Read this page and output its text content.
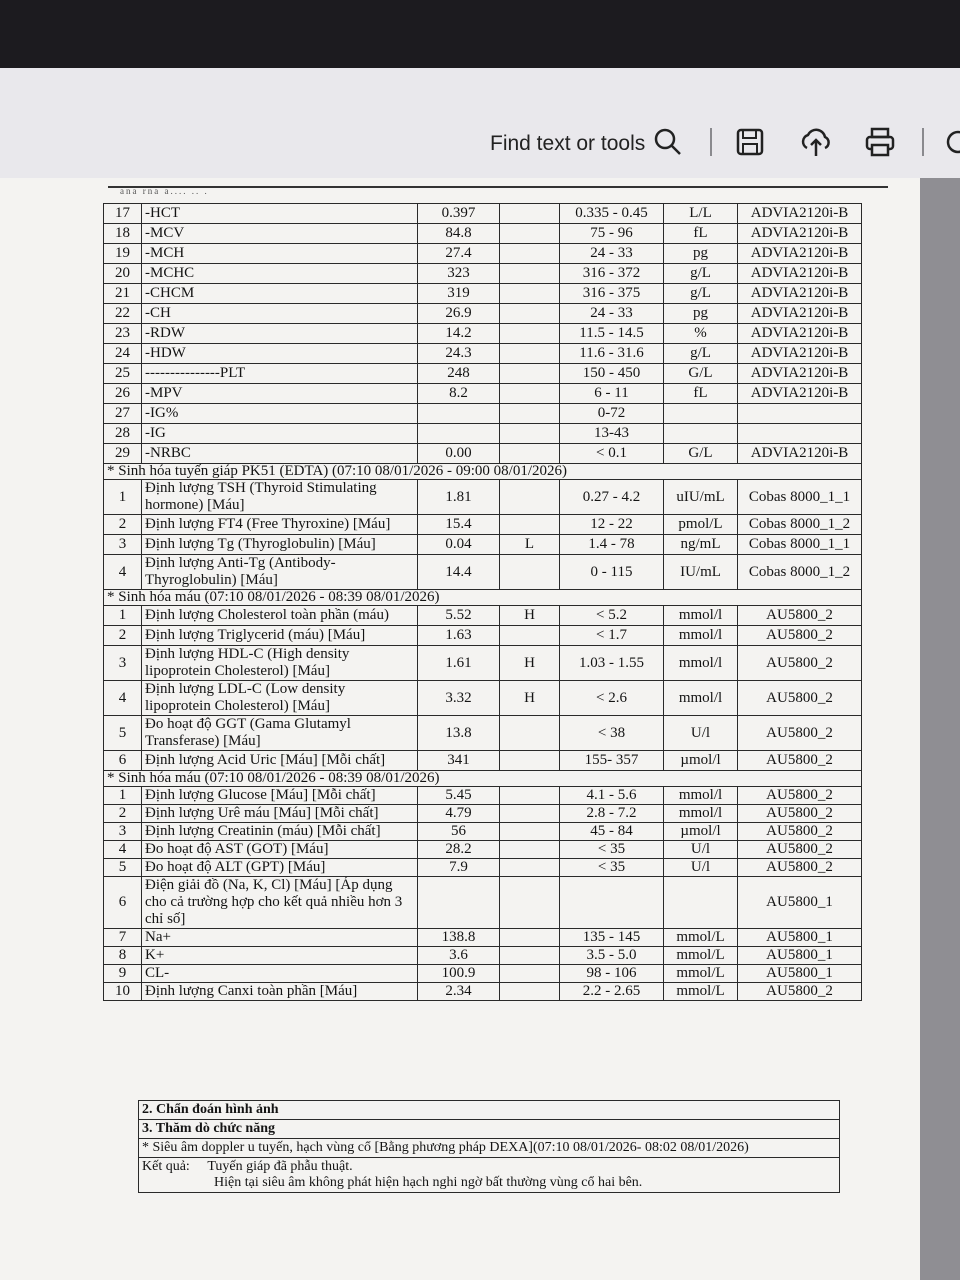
Find text or tools
ana rna a.... .. .
17	-HCT	0.397		0.335 - 0.45	L/L	ADVIA2120i-B
18	-MCV	84.8		75 - 96	fL	ADVIA2120i-B
19	-MCH	27.4		24 - 33	pg	ADVIA2120i-B
20	-MCHC	323		316 - 372	g/L	ADVIA2120i-B
21	-CHCM	319		316 - 375	g/L	ADVIA2120i-B
22	-CH	26.9		24 - 33	pg	ADVIA2120i-B
23	-RDW	14.2		11.5 - 14.5	%	ADVIA2120i-B
24	-HDW	24.3		11.6 - 31.6	g/L	ADVIA2120i-B
25	---------------PLT	248		150 - 450	G/L	ADVIA2120i-B
26	-MPV	8.2		6 - 11	fL	ADVIA2120i-B
27	-IG%			0-72		
28	-IG			13-43		
29	-NRBC	0.00		< 0.1	G/L	ADVIA2120i-B
* Sinh hóa tuyến giáp PK51 (EDTA) (07:10 08/01/2026 - 09:00 08/01/2026)						
1	Định lượng TSH (Thyroid Stimulating hormone) [Máu]	1.81		0.27 - 4.2	uIU/mL	Cobas 8000_1_1
2	Định lượng FT4 (Free Thyroxine) [Máu]	15.4		12 - 22	pmol/L	Cobas 8000_1_2
3	Định lượng Tg (Thyroglobulin) [Máu]	0.04	L	1.4 - 78	ng/mL	Cobas 8000_1_1
4	Định lượng Anti-Tg (Antibody-Thyroglobulin) [Máu]	14.4		0 - 115	IU/mL	Cobas 8000_1_2
* Sinh hóa máu (07:10 08/01/2026 - 08:39 08/01/2026)						
1	Định lượng Cholesterol toàn phần (máu)	5.52	H	< 5.2	mmol/l	AU5800_2
2	Định lượng Triglycerid (máu) [Máu]	1.63		< 1.7	mmol/l	AU5800_2
3	Định lượng HDL-C (High density lipoprotein Cholesterol) [Máu]	1.61	H	1.03 - 1.55	mmol/l	AU5800_2
4	Định lượng LDL-C (Low density lipoprotein Cholesterol) [Máu]	3.32	H	< 2.6	mmol/l	AU5800_2
5	Đo hoạt độ GGT (Gama Glutamyl Transferase) [Máu]	13.8		< 38	U/l	AU5800_2
6	Định lượng Acid Uric [Máu] [Mỗi chất]	341		155- 357	µmol/l	AU5800_2
* Sinh hóa máu (07:10 08/01/2026 - 08:39 08/01/2026)						
1	Định lượng Glucose [Máu] [Mỗi chất]	5.45		4.1 - 5.6	mmol/l	AU5800_2
2	Định lượng Urê máu [Máu] [Mỗi chất]	4.79		2.8 - 7.2	mmol/l	AU5800_2
3	Định lượng Creatinin (máu) [Mỗi chất]	56		45 - 84	µmol/l	AU5800_2
4	Đo hoạt độ AST (GOT) [Máu]	28.2		< 35	U/l	AU5800_2
5	Đo hoạt độ ALT (GPT) [Máu]	7.9		< 35	U/l	AU5800_2
6	Điện giải đồ (Na, K, Cl) [Máu] [Áp dụng cho cả trường hợp cho kết quả nhiều hơn 3 chỉ số]					AU5800_1
7	Na+	138.8		135 - 145	mmol/L	AU5800_1
8	K+	3.6		3.5 - 5.0	mmol/L	AU5800_1
9	CL-	100.9		98 - 106	mmol/L	AU5800_1
10	Định lượng Canxi toàn phần [Máu]	2.34		2.2 - 2.65	mmol/L	AU5800_2
2. Chẩn đoán hình ảnh
3. Thăm dò chức năng
* Siêu âm doppler u tuyến, hạch vùng cổ [Bằng phương pháp DEXA](07:10 08/01/2026- 08:02 08/01/2026)
Kết quả: Tuyến giáp đã phẫu thuật.
Hiện tại siêu âm không phát hiện hạch nghi ngờ bất thường vùng cổ hai bên.
